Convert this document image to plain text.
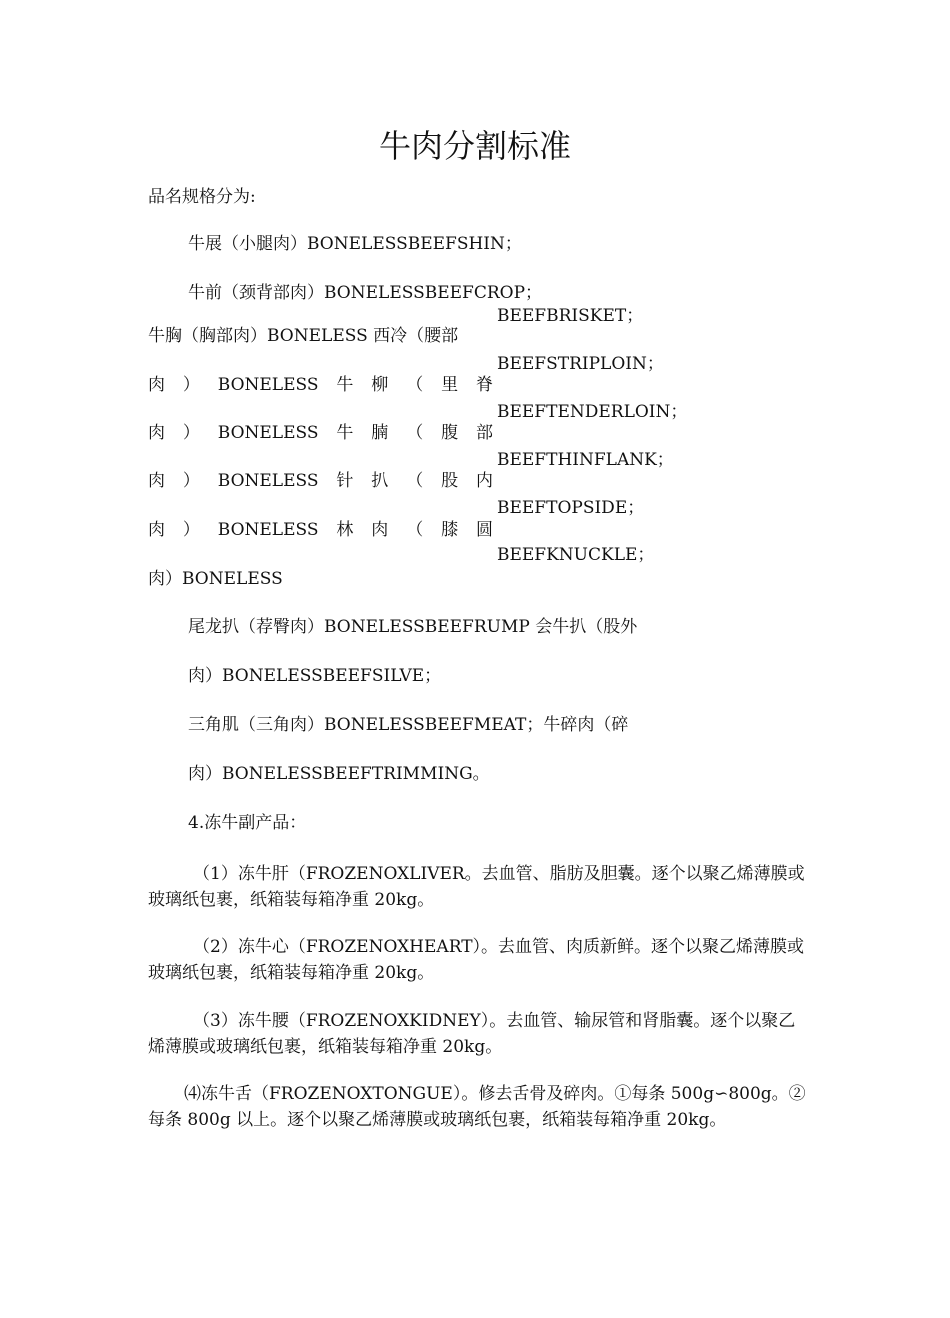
牛肉分割标准
品名规格分为:
牛展（小腿肉）BONELESSBEEFSHIN；
牛前（颈背部肉）BONELESSBEEFCROP；
BEEFBRISKET；
牛胸（胸部肉）BONELESS 西冷（腰部
BEEFSTRIPLOIN；
肉 ） BONELESS 牛 柳 （ 里 脊
BEEFTENDERLOIN；
肉 ） BONELESS 牛 腩 （ 腹 部
BEEFTHINFLANK；
肉 ） BONELESS 针 扒 （ 股 内
BEEFTOPSIDE；
肉 ） BONELESS 林 肉 （ 膝 圆
BEEFKNUCKLE；
肉）BONELESS
尾龙扒（荐臀肉）BONELESSBEEFRUMP 会牛扒（股外
肉）BONELESSBEEFSILVE；
三角肌（三角肉）BONELESSBEEFMEAT；牛碎肉（碎
肉）BONELESSBEEFTRIMMING。
4.冻牛副产品：
（1）冻牛肝（FROZENOXLIVER。去血管、脂肪及胆囊。逐个以聚乙烯薄膜或玻璃纸包裹，纸箱装每箱净重 20kg。
（2）冻牛心（FROZENOXHEART）。去血管、肉质新鲜。逐个以聚乙烯薄膜或玻璃纸包裹，纸箱装每箱净重 20kg。
（3）冻牛腰（FROZENOXKIDNEY）。去血管、输尿管和肾脂囊。逐个以聚乙烯薄膜或玻璃纸包裹，纸箱装每箱净重 20kg。
⑷冻牛舌（FROZENOXTONGUE）。修去舌骨及碎肉。①每条 500g∽800g。②每条 800g 以上。逐个以聚乙烯薄膜或玻璃纸包裹，纸箱装每箱净重 20kg。
